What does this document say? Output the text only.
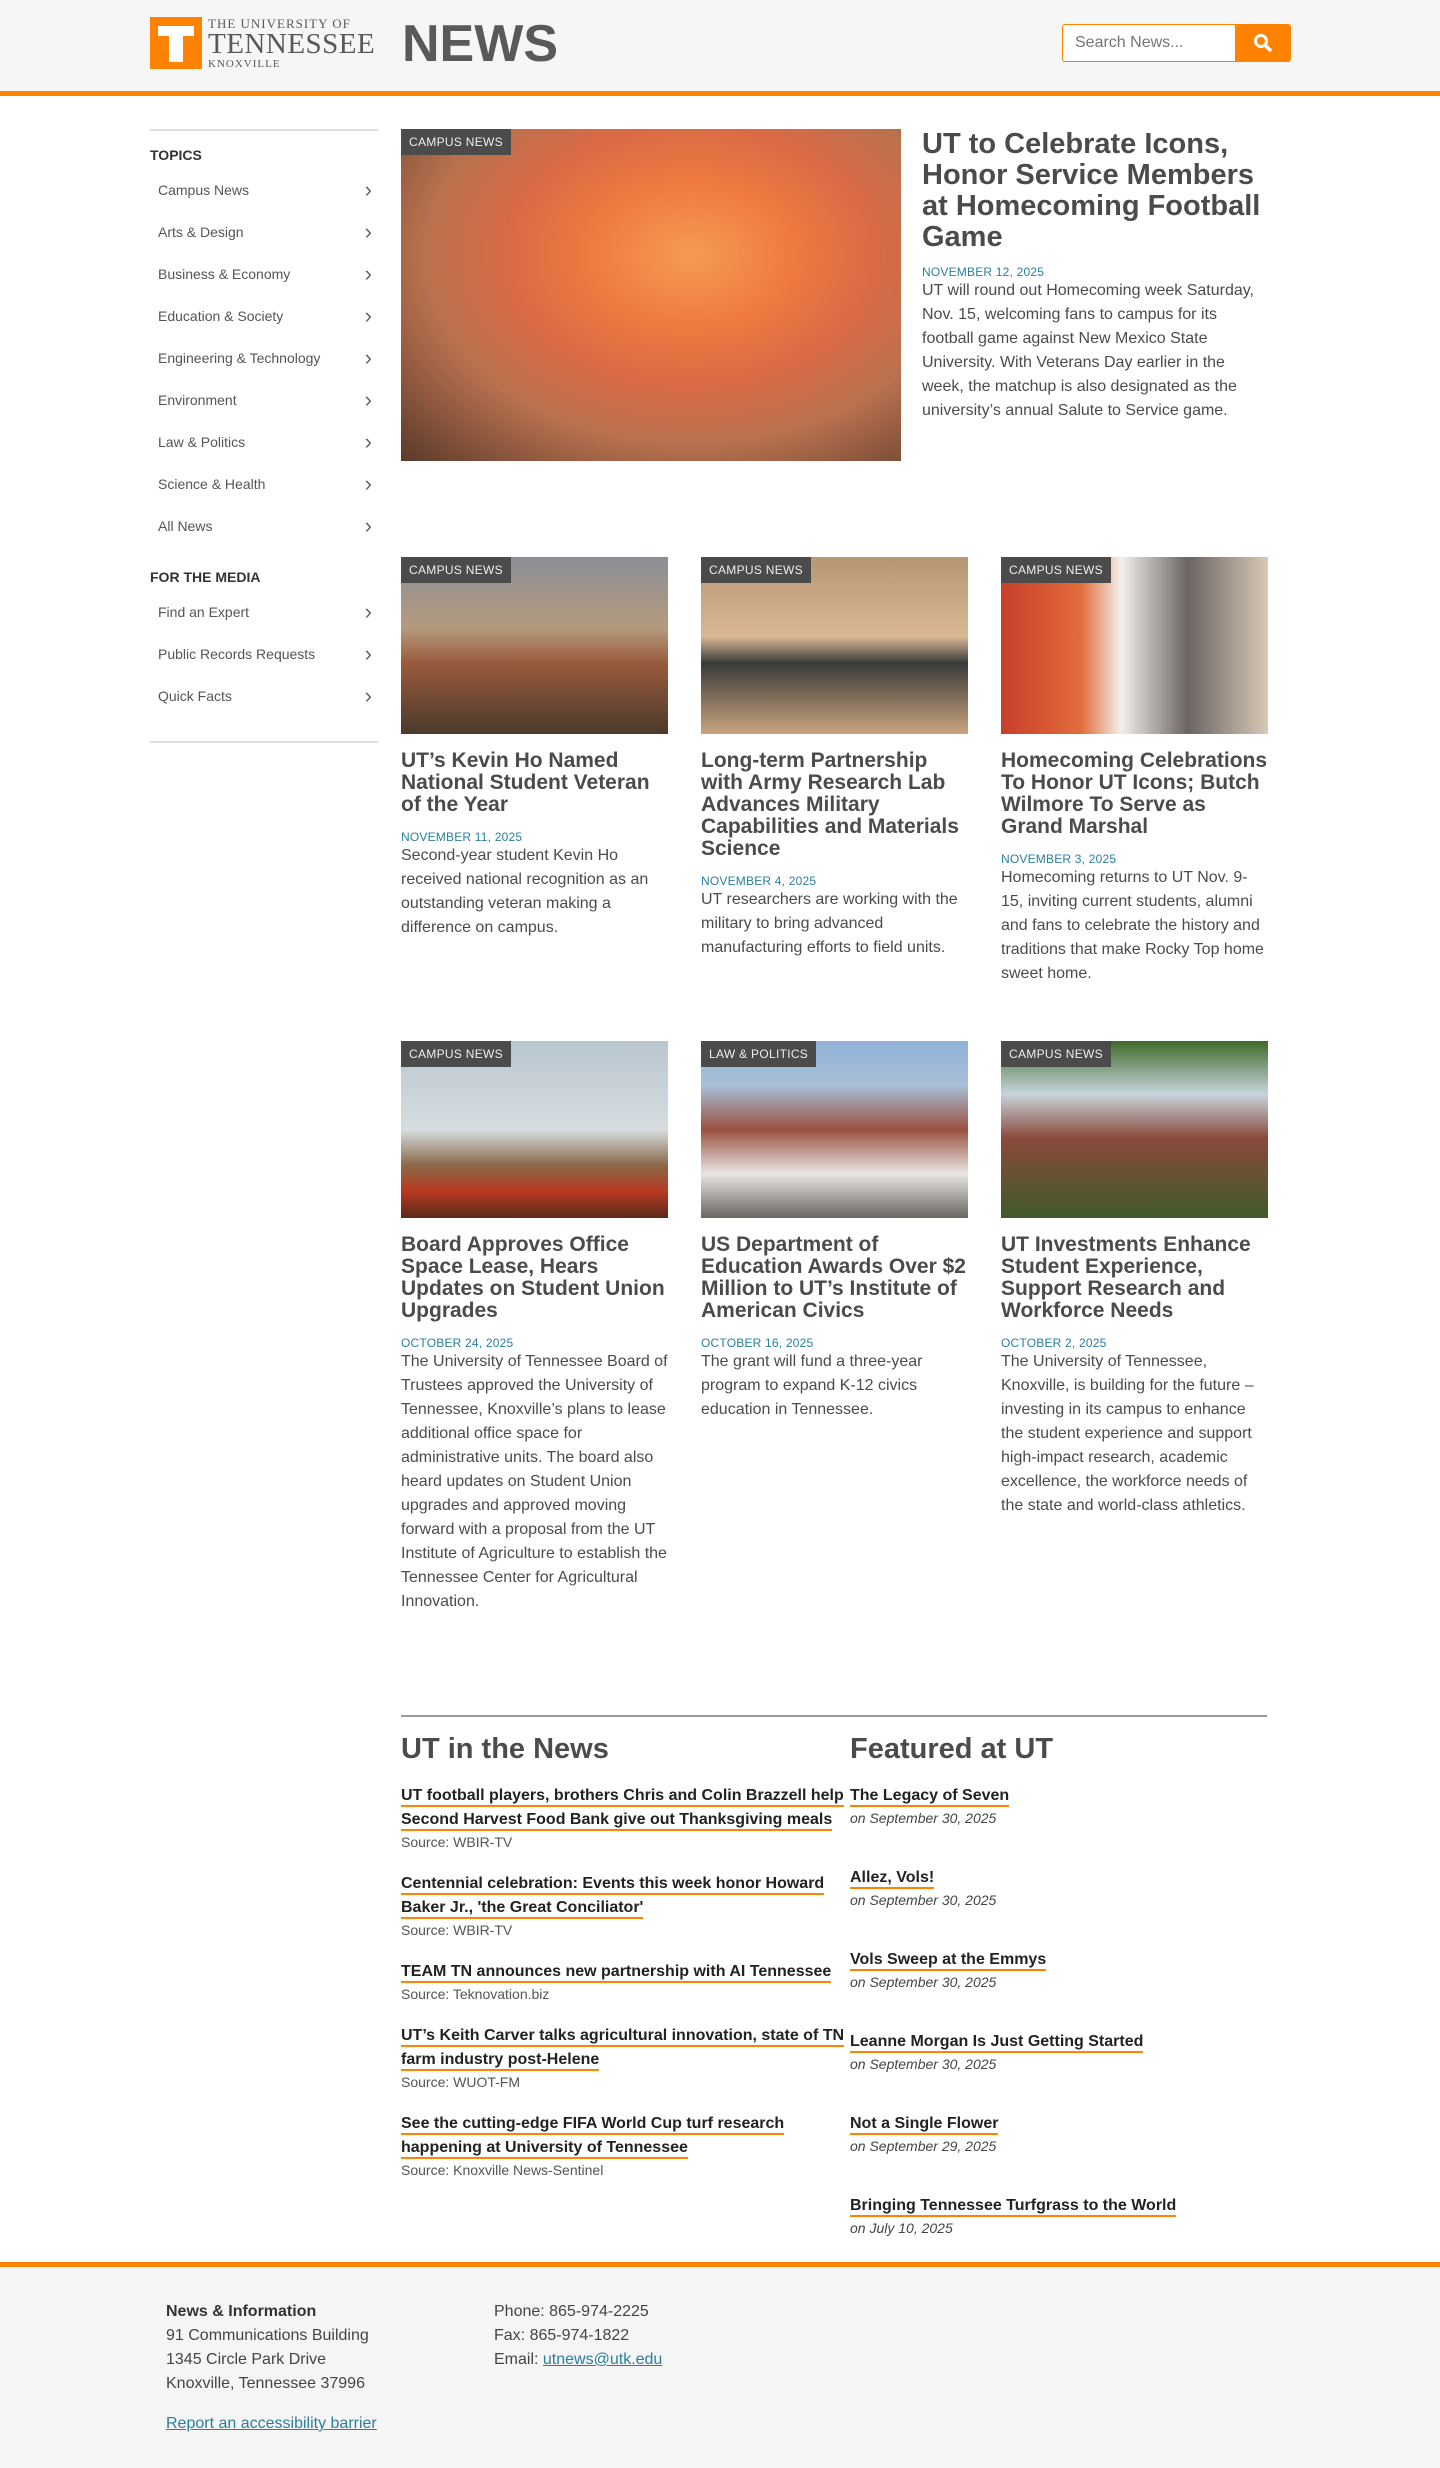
THE UNIVERSITY OF
TENNESSEE
KNOXVILLE	NEWS
Search News...
TOPICS
Campus News	›
Arts & Design	›
Business & Economy	›
Education & Society	›
Engineering & Technology ›
Environment	›
Law & Politics	›
Science & Health	›
All News	›
FOR THE MEDIA
Find an Expert	›
Public Records Requests ›
Quick Facts	›
CAMPUS NEWS	UT to Celebrate Icons, Honor Service Members at Homecoming Football Game
NOVEMBER 12, 2025
UT will round out Homecoming week Saturday, Nov. 15, welcoming fans to campus for its football game against New Mexico State University. With Veterans Day earlier in the week, the matchup is also designated as the university’s annual Salute to Service game.
CAMPUS NEWS
UT’s Kevin Ho Named National Student Veteran of the Year
NOVEMBER 11, 2025
Second-year student Kevin Ho received national recognition as an outstanding veteran making a difference on campus.
CAMPUS NEWS
Long-term Partnership with Army Research Lab Advances Military Capabilities and Materials Science
NOVEMBER 4, 2025
UT researchers are working with the military to bring advanced manufacturing efforts to field units.
CAMPUS NEWS
Homecoming Celebrations To Honor UT Icons; Butch Wilmore To Serve as Grand Marshal
NOVEMBER 3, 2025
Homecoming returns to UT Nov. 9-15, inviting current students, alumni and fans to celebrate the history and traditions that make Rocky Top home sweet home.
CAMPUS NEWS
Board Approves Office Space Lease, Hears Updates on Student Union Upgrades
OCTOBER 24, 2025
The University of Tennessee Board of Trustees approved the University of Tennessee, Knoxville’s plans to lease additional office space for administrative units. The board also heard updates on Student Union upgrades and approved moving forward with a proposal from the UT Institute of Agriculture to establish the Tennessee Center for Agricultural Innovation.
LAW & POLITICS
US Department of Education Awards Over $2 Million to UT’s Institute of American Civics
OCTOBER 16, 2025
The grant will fund a three-year program to expand K-12 civics education in Tennessee.
CAMPUS NEWS
UT Investments Enhance Student Experience, Support Research and Workforce Needs
OCTOBER 2, 2025
The University of Tennessee, Knoxville, is building for the future – investing in its campus to enhance the student experience and support high-impact research, academic excellence, the workforce needs of the state and world-class athletics.
UT in the News
UT football players, brothers Chris and Colin Brazzell help Second Harvest Food Bank give out Thanksgiving meals
Source: WBIR-TV
Centennial celebration: Events this week honor Howard Baker Jr., 'the Great Conciliator'
Source: WBIR-TV
TEAM TN announces new partnership with AI Tennessee
Source: Teknovation.biz
UT’s Keith Carver talks agricultural innovation, state of TN farm industry post-Helene
Source: WUOT-FM
See the cutting-edge FIFA World Cup turf research happening at University of Tennessee
Source: Knoxville News-Sentinel
Featured at UT
The Legacy of Seven
on September 30, 2025
Allez, Vols!
on September 30, 2025
Vols Sweep at the Emmys
on September 30, 2025
Leanne Morgan Is Just Getting Started
on September 30, 2025
Not a Single Flower
on September 29, 2025
Bringing Tennessee Turfgrass to the World
on July 10, 2025
News & Information
91 Communications Building
1345 Circle Park Drive
Knoxville, Tennessee 37996
Report an accessibility barrier
Phone: 865-974-2225
Fax: 865-974-1822
Email: utnews@utk.edu
